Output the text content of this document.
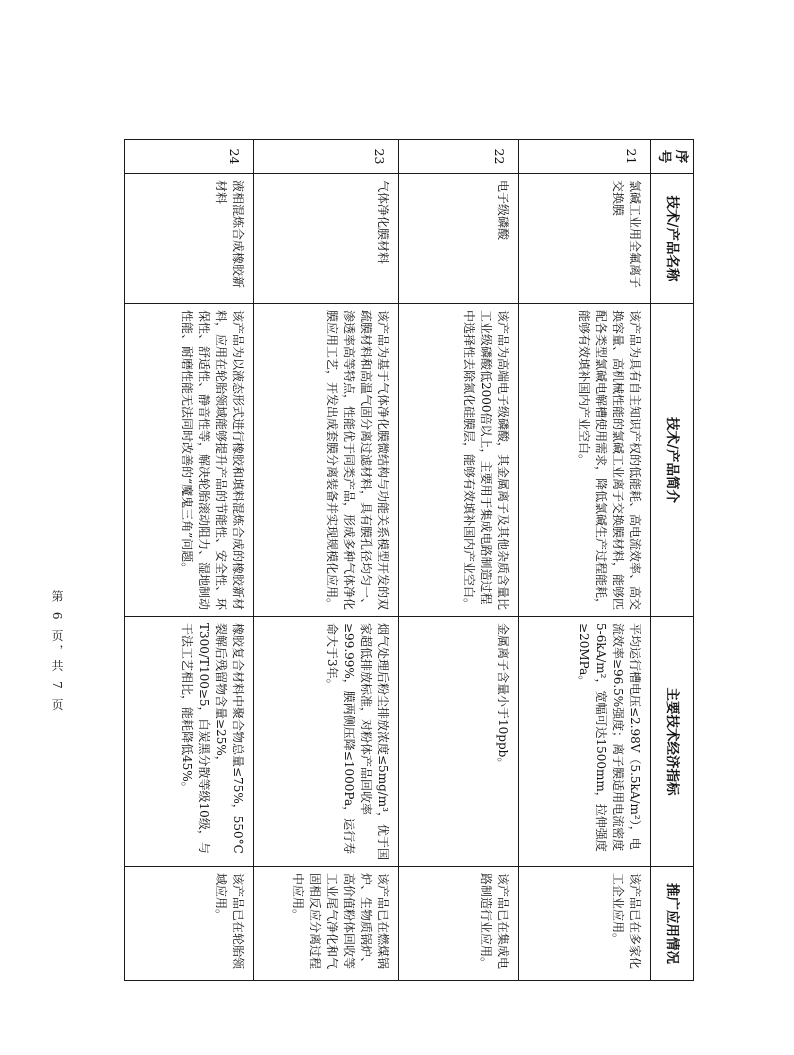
序号	技术/产品名称	技术/产品简介	主要技术经济指标	推广应用情况
21	氯碱工业用全氟离子交换膜	该产品为具有自主知识产权的低能耗、高电流效率、高交换容量、高机械性能的氯碱工业离子交换膜材料，能够匹配各类型氯碱电解槽使用需求，降低氯碱生产过程能耗，能够有效填补国内产业空白。	平均运行槽电压≤2.98V（5.5kA/m²），电流效率≥96.5%强度；离子膜适用电流密度5-6kA/m²，宽幅可达1500mm，拉伸强度≥20MPa。	该产品已在多家化工企业应用。
22	电子级磷酸	该产品为高端电子级磷酸，其金属离子及其他杂质含量比工业级磷酸低2000倍以上，主要用于集成电路制造过程中选择性去除氮化硅膜层，能够有效填补国内产业空白。	金属离子含量小于10ppb。	该产品已在集成电路制造行业应用。
23	气体净化膜材料	该产品为基于气体净化膜微结构与功能关系模型开发的双疏膜材料和高温气固分离过滤材料，具有膜孔径均匀一、渗透率高等特点，性能优于同类产品，形成多种气体净化膜应用工艺，开发出成套膜分离装备并实现规模化应用。	烟气处理后粉尘排放浓度≤5mg/m³，优于国家超低排放标准，对粉体产品回收率≥99.99%，膜两侧压降≤1000Pa，运行寿命大于3年。	该产品已在燃煤锅炉、生物质锅炉、高价值粉体回收等工业尾气净化和气固相反应分离过程中应用。
24	液相混炼合成橡胶新材料	该产品为以液态形式进行橡胶和填料混炼合成的橡胶新材料，应用在轮胎领域能够提升产品的节能性、安全性、环保性、舒适性、静音性等，解决轮胎滚动阻力、湿地制动性能、耐磨性能无法同时改善的“魔鬼三角”问题。	橡胶复合材料中聚合物总量≤75%，550°C裂解后残留物含量≥25%，T300/T100≥5，白炭黑分散等级10级，与干法工艺相比，能耗降低45%。	该产品已在轮胎领域应用。
第 6 页，共 7 页
